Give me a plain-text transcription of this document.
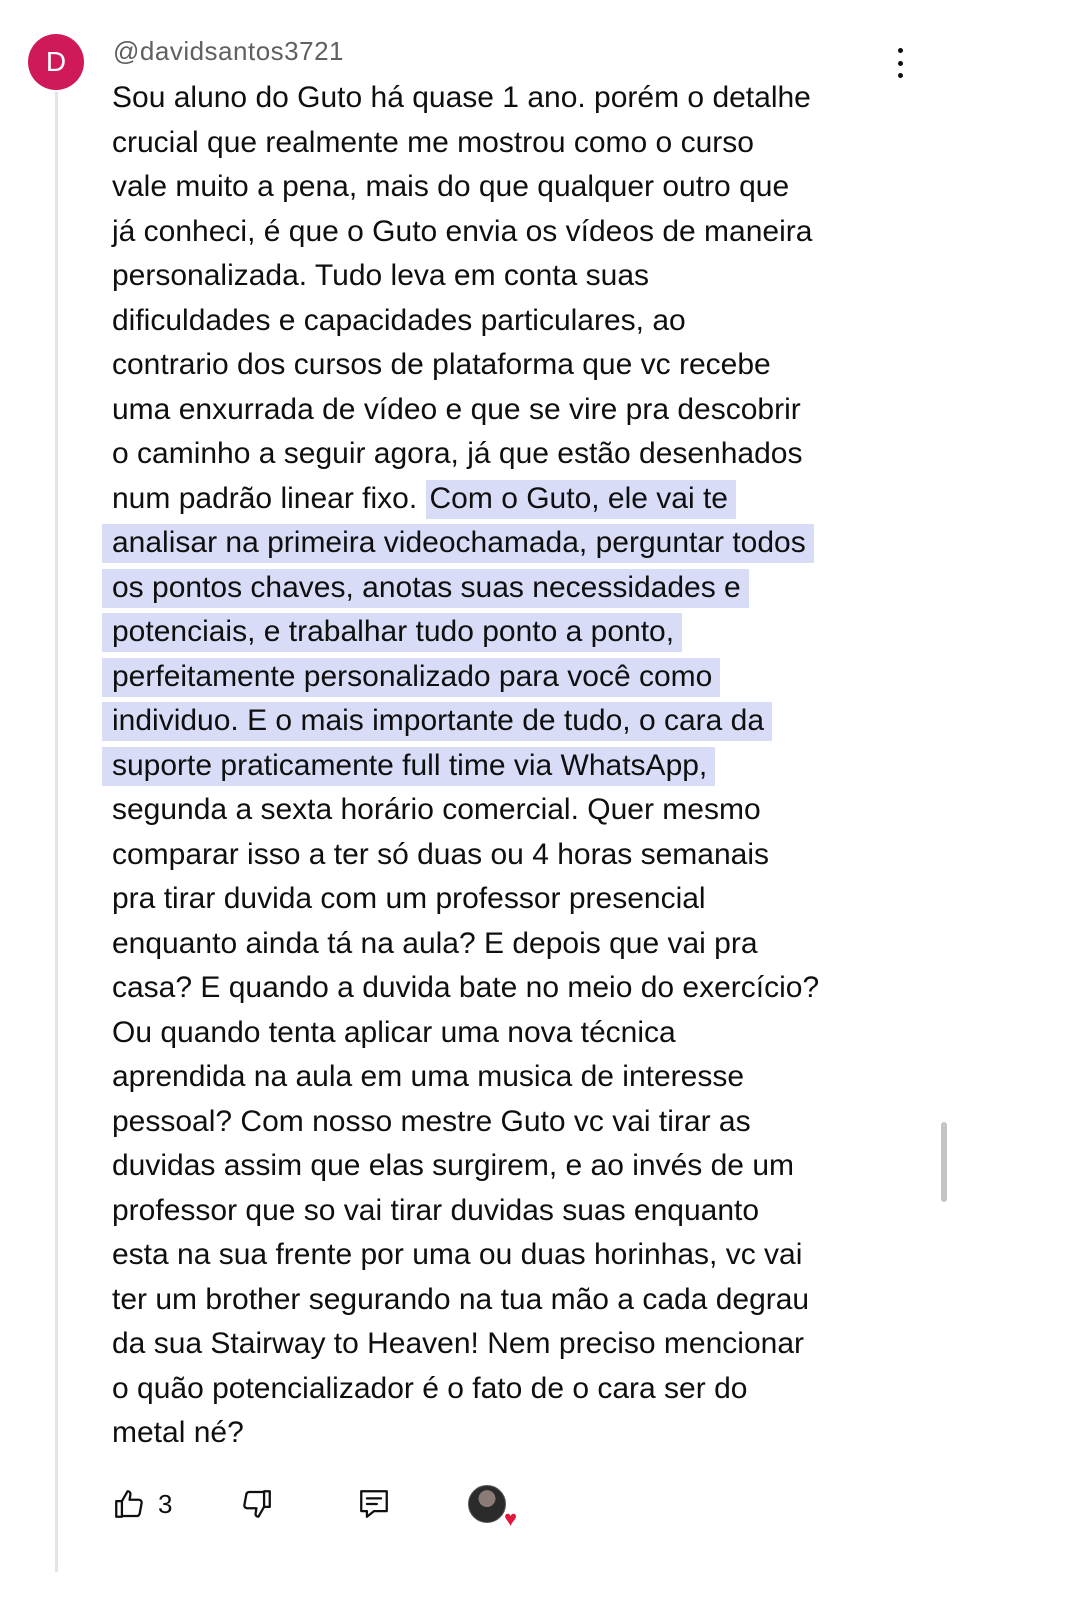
D @davidsantos3721
Sou aluno do Guto há quase 1 ano. porém o detalhe
crucial que realmente me mostrou como o curso
vale muito a pena, mais do que qualquer outro que
já conheci, é que o Guto envia os vídeos de maneira
personalizada. Tudo leva em conta suas
dificuldades e capacidades particulares, ao
contrario dos cursos de plataforma que vc recebe
uma enxurrada de vídeo e que se vire pra descobrir
o caminho a seguir agora, já que estão desenhados
num padrão linear fixo. Com o Guto, ele vai te
analisar na primeira videochamada, perguntar todos
os pontos chaves, anotas suas necessidades e
potenciais, e trabalhar tudo ponto a ponto,
perfeitamente personalizado para você como
individuo. E o mais importante de tudo, o cara da
suporte praticamente full time via WhatsApp,
segunda a sexta horário comercial. Quer mesmo
comparar isso a ter só duas ou 4 horas semanais
pra tirar duvida com um professor presencial
enquanto ainda tá na aula? E depois que vai pra
casa? E quando a duvida bate no meio do exercício?
Ou quando tenta aplicar uma nova técnica
aprendida na aula em uma musica de interesse
pessoal? Com nosso mestre Guto vc vai tirar as
duvidas assim que elas surgirem, e ao invés de um
professor que so vai tirar duvidas suas enquanto
esta na sua frente por uma ou duas horinhas, vc vai
ter um brother segurando na tua mão a cada degrau
da sua Stairway to Heaven! Nem preciso mencionar
o quão potencializador é o fato de o cara ser do
metal né?
3	♥
